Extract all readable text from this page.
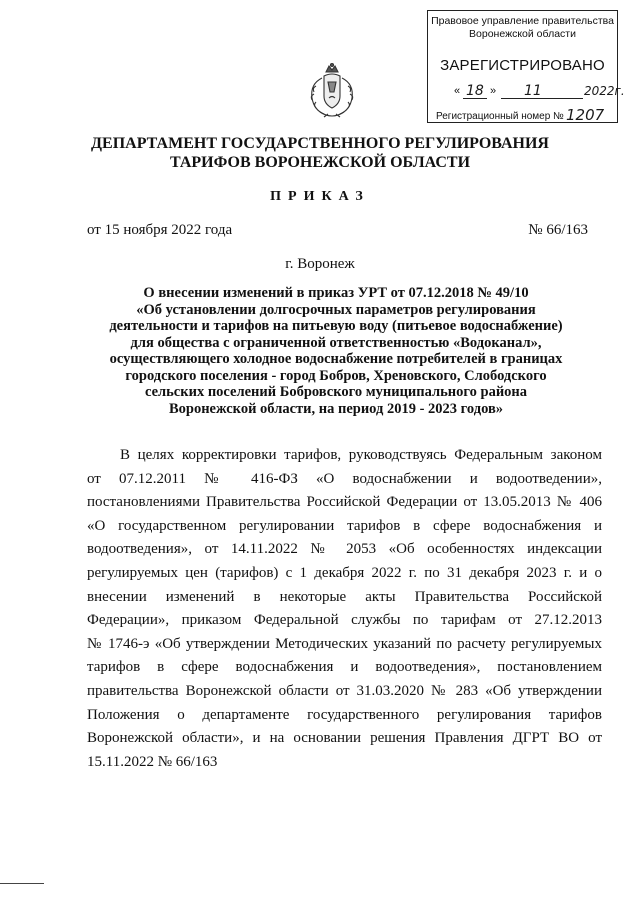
Правовое управление правительства
Воронежской области
ЗАРЕГИСТРИРОВАНО
« 18 » 11	2022г.
Регистрационный номер № 1207
ДЕПАРТАМЕНТ ГОСУДАРСТВЕННОГО РЕГУЛИРОВАНИЯ
ТАРИФОВ ВОРОНЕЖСКОЙ ОБЛАСТИ
ПРИКАЗ
от 15 ноября 2022 года	№ 66/163
г. Воронеж
О внесении изменений в приказ УРТ от 07.12.2018 № 49/10
«Об установлении долгосрочных параметров регулирования
деятельности и тарифов на питьевую воду (питьевое водоснабжение)
для общества с ограниченной ответственностью «Водоканал»,
осуществляющего холодное водоснабжение потребителей в границах
городского поселения - город Бобров, Хреновского, Слободского
сельских поселений Бобровского муниципального района
Воронежской области, на период 2019 - 2023 годов»
В целях корректировки тарифов, руководствуясь Федеральным законом
от 07.12.2011 № 416-ФЗ «О водоснабжении и водоотведении»,
постановлениями Правительства Российской Федерации от 13.05.2013 № 406
«О государственном регулировании тарифов в сфере водоснабжения и
водоотведения», от 14.11.2022 № 2053 «Об особенностях индексации
регулируемых цен (тарифов) с 1 декабря 2022 г. по 31 декабря 2023 г. и о
внесении изменений в некоторые акты Правительства Российской
Федерации», приказом Федеральной службы по тарифам от 27.12.2013
№ 1746-э «Об утверждении Методических указаний по расчету регулируемых
тарифов в сфере водоснабжения и водоотведения», постановлением
правительства Воронежской области от 31.03.2020 № 283 «Об утверждении
Положения о департаменте государственного регулирования тарифов
Воронежской области», и на основании решения Правления ДГРТ ВО от
15.11.2022 № 66/163
